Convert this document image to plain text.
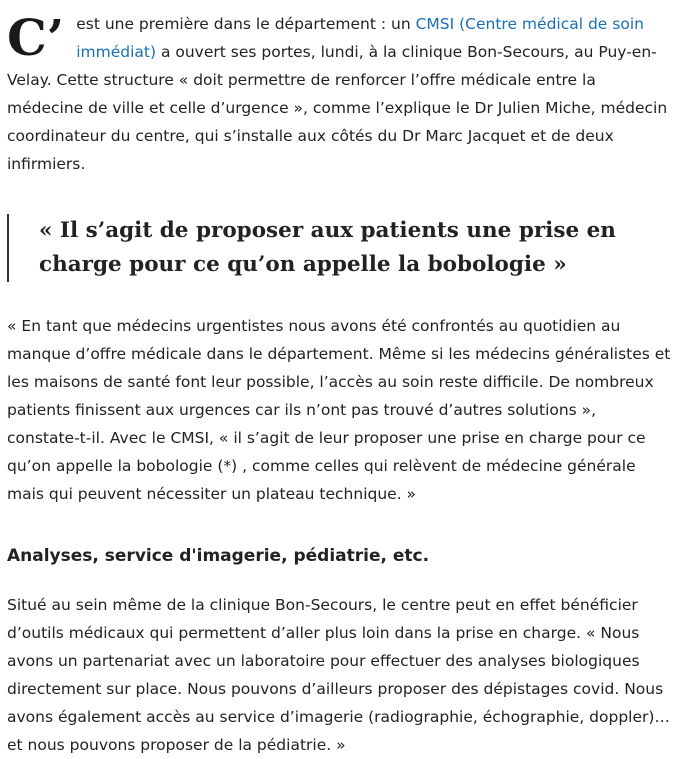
C’ est une première dans le département : un CMSI (Centre médical de soin immédiat) a ouvert ses portes, lundi, à la clinique Bon-Secours, au Puy-en-Velay. Cette structure « doit permettre de renforcer l’offre médicale entre la médecine de ville et celle d’urgence », comme l’explique le Dr Julien Miche, médecin coordinateur du centre, qui s’installe aux côtés du Dr Marc Jacquet et de deux infirmiers.

« Il s’agit de proposer aux patients une prise en charge pour ce qu’on appelle la bobologie »

« En tant que médecins urgentistes nous avons été confrontés au quotidien au manque d’offre médicale dans le département. Même si les médecins généralistes et les maisons de santé font leur possible, l’accès au soin reste difficile. De nombreux patients finissent aux urgences car ils n’ont pas trouvé d’autres solutions », constate-t-il. Avec le CMSI, « il s’agit de leur proposer une prise en charge pour ce qu’on appelle la bobologie (*) , comme celles qui relèvent de médecine générale mais qui peuvent nécessiter un plateau technique. »

Analyses, service d'imagerie, pédiatrie, etc.

Situé au sein même de la clinique Bon-Secours, le centre peut en effet bénéficier d’outils médicaux qui permettent d’aller plus loin dans la prise en charge. « Nous avons un partenariat avec un laboratoire pour effectuer des analyses biologiques directement sur place. Nous pouvons d’ailleurs proposer des dépistages covid. Nous avons également accès au service d’imagerie (radiographie, échographie, doppler)… et nous pouvons proposer de la pédiatrie. »
